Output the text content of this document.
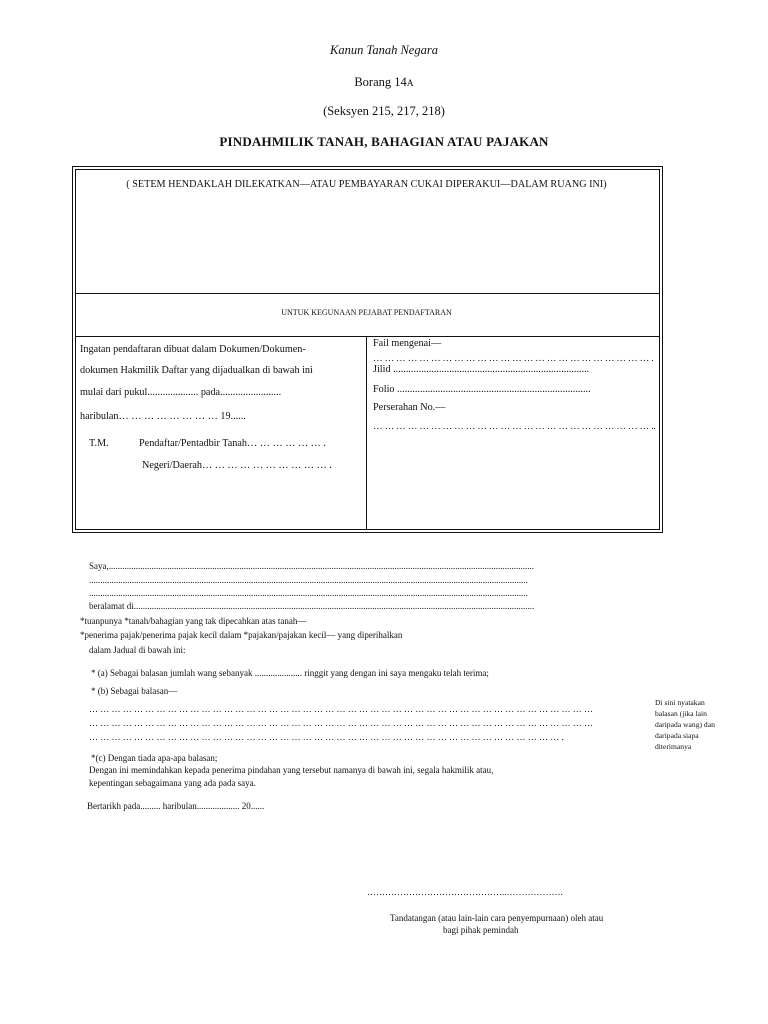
Kanun Tanah Negara
Borang 14A
(Seksyen 215, 217, 218)
PINDAHMILIK TANAH, BAHAGIAN ATAU PAJAKAN
( SETEM HENDAKLAH DILEKATKAN—ATAU PEMBAYARAN CUKAI DIPERAKUI—DALAM RUANG INI)
UNTUK KEGUNAAN PEJABAT PENDAFTARAN
Ingatan pendaftaran dibuat dalam Dokumen/Dokumen-
dokumen Hakmilik Daftar yang dijadualkan di bawah ini
mulai dari pukul.................... pada........................
haribulan… … … … … … … … 19......
T.M.	Pendaftar/Pentadbir Tanah… … … … … … .
Negeri/Daerah… … … … … … … … … … .
Fail mengenai—
… … … … … … … … … … … … … … … … … … … … … … … … .
Jilid .............................................................................
Folio ............................................................................
Perserahan No.—
… … … … … … … … … … … … … … … … … … … … … … … … ..
Saya,.............................................................................................................................................................................................
...................................................................................................................................................................................................
...................................................................................................................................................................................................
beralamat di..................................................................................................................................................................................
*tuanpunya *tanah/bahagian yang tak dipecahkan atas tanah—
*penerima pajak/penerima pajak kecil dalam *pajakan/pajakan kecil— yang diperihalkan
dalam Jadual di bawah ini:
* (a) Sebagai balasan jumlah wang sebanyak ..................... ringgit yang dengan ini saya mengaku telah terima;
* (b) Sebagai balasan—
… … … … … … … … … … … … … … … … … … … … … … … … … … … … … … … … … … … … … … … … … … … … …
… … … … … … … … … … … … … … … … … … … … … … … … … … … … … … … … … … … … … … … … … … … … …
… … … … … … … … … … … … … … … … … … … … … … … … … … … … … … … … … … … … … … … … … … .
Di sini nyatakan balasan (jika lain daripada wang) dan daripada siapa diterimanya
*(c) Dengan tiada apa-apa balasan;
Dengan ini memindahkan kepada penerima pindahan yang tersebut namanya di bawah ini, segala hakmilik atau,
kepentingan sebagaimana yang ada pada saya.
Bertarikh pada......... haribulan................... 20......
………………………………………..……………….
Tandatangan (atau lain-lain cara penyempurnaan) oleh atau
bagi pihak pemindah
